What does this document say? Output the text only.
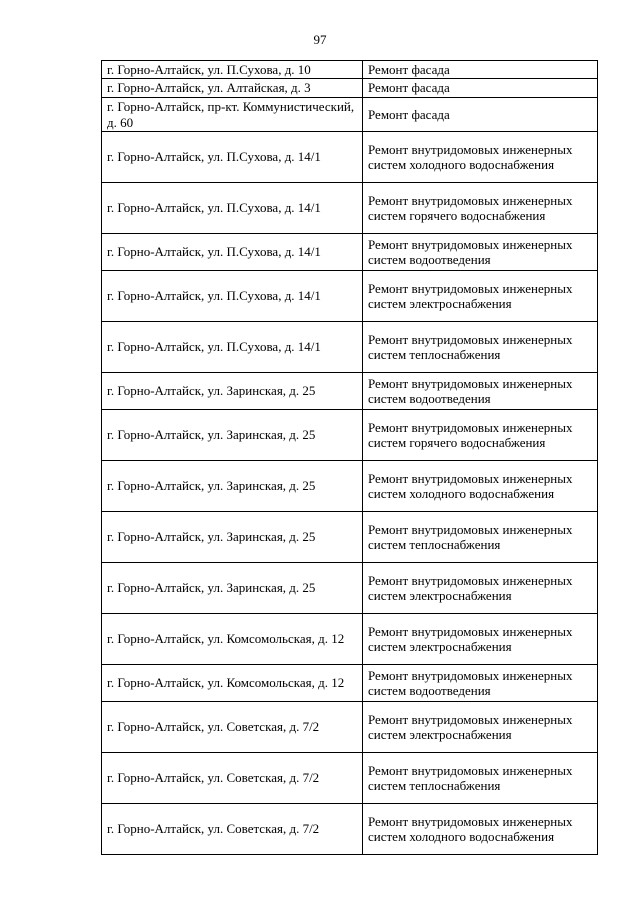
97
г. Горно-Алтайск, ул. П.Сухова, д. 10	Ремонт фасада
г. Горно-Алтайск, ул. Алтайская, д. 3	Ремонт фасада
г. Горно-Алтайск, пр-кт. Коммунистический, д. 60	Ремонт фасада
г. Горно-Алтайск, ул. П.Сухова, д. 14/1	Ремонт внутридомовых инженерных систем холодного водоснабжения
г. Горно-Алтайск, ул. П.Сухова, д. 14/1	Ремонт внутридомовых инженерных систем горячего водоснабжения
г. Горно-Алтайск, ул. П.Сухова, д. 14/1	Ремонт внутридомовых инженерных систем водоотведения
г. Горно-Алтайск, ул. П.Сухова, д. 14/1	Ремонт внутридомовых инженерных систем электроснабжения
г. Горно-Алтайск, ул. П.Сухова, д. 14/1	Ремонт внутридомовых инженерных систем теплоснабжения
г. Горно-Алтайск, ул. Заринская, д. 25	Ремонт внутридомовых инженерных систем водоотведения
г. Горно-Алтайск, ул. Заринская, д. 25	Ремонт внутридомовых инженерных систем горячего водоснабжения
г. Горно-Алтайск, ул. Заринская, д. 25	Ремонт внутридомовых инженерных систем холодного водоснабжения
г. Горно-Алтайск, ул. Заринская, д. 25	Ремонт внутридомовых инженерных систем теплоснабжения
г. Горно-Алтайск, ул. Заринская, д. 25	Ремонт внутридомовых инженерных систем электроснабжения
г. Горно-Алтайск, ул. Комсомольская, д. 12	Ремонт внутридомовых инженерных систем электроснабжения
г. Горно-Алтайск, ул. Комсомольская, д. 12	Ремонт внутридомовых инженерных систем водоотведения
г. Горно-Алтайск, ул. Советская, д. 7/2	Ремонт внутридомовых инженерных систем электроснабжения
г. Горно-Алтайск, ул. Советская, д. 7/2	Ремонт внутридомовых инженерных систем теплоснабжения
г. Горно-Алтайск, ул. Советская, д. 7/2	Ремонт внутридомовых инженерных систем холодного водоснабжения
